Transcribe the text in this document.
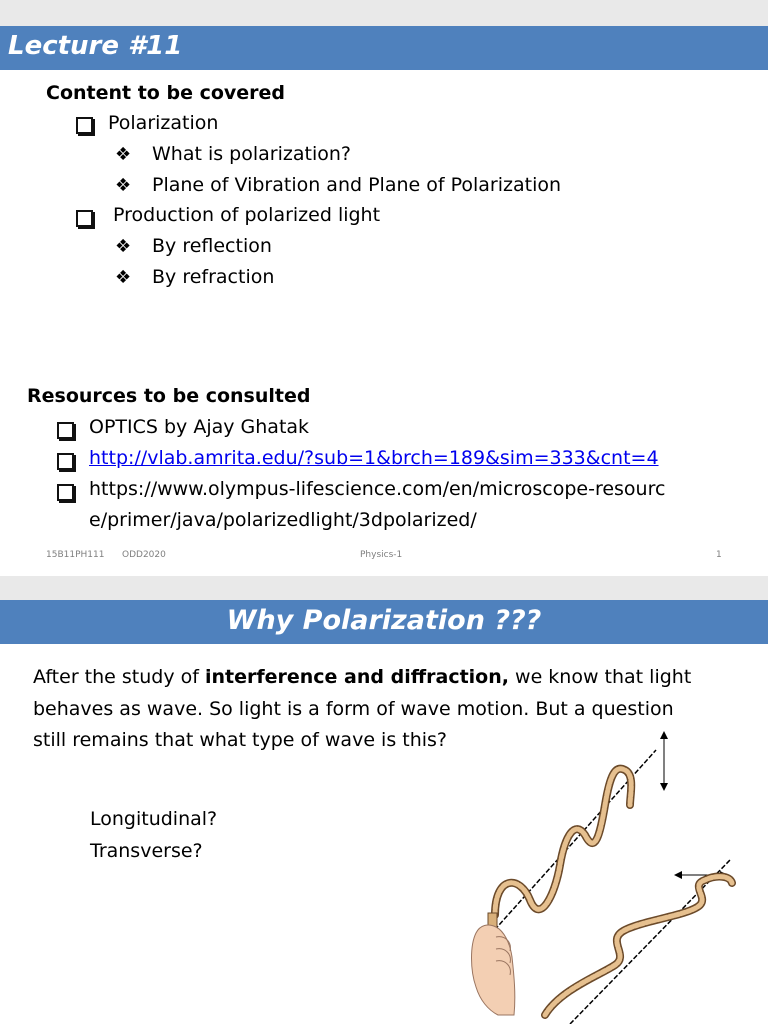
Lecture #11
Content to be covered
Polarization
❖ What is polarization?
❖ Plane of Vibration and Plane of Polarization
Production of polarized light
❖ By reflection
❖ By refraction
Resources to be consulted
OPTICS by Ajay Ghatak
http://vlab.amrita.edu/?sub=1&brch=189&sim=333&cnt=4
https://www.olympus-lifescience.com/en/microscope-resourc
e/primer/java/polarizedlight/3dpolarized/
15B11PH111 ODD2020	Physics-1	1
Why Polarization ???
After the study of interference and diffraction, we know that light
behaves as wave. So light is a form of wave motion. But a question
still remains that what type of wave is this?
Longitudinal?
Transverse?
